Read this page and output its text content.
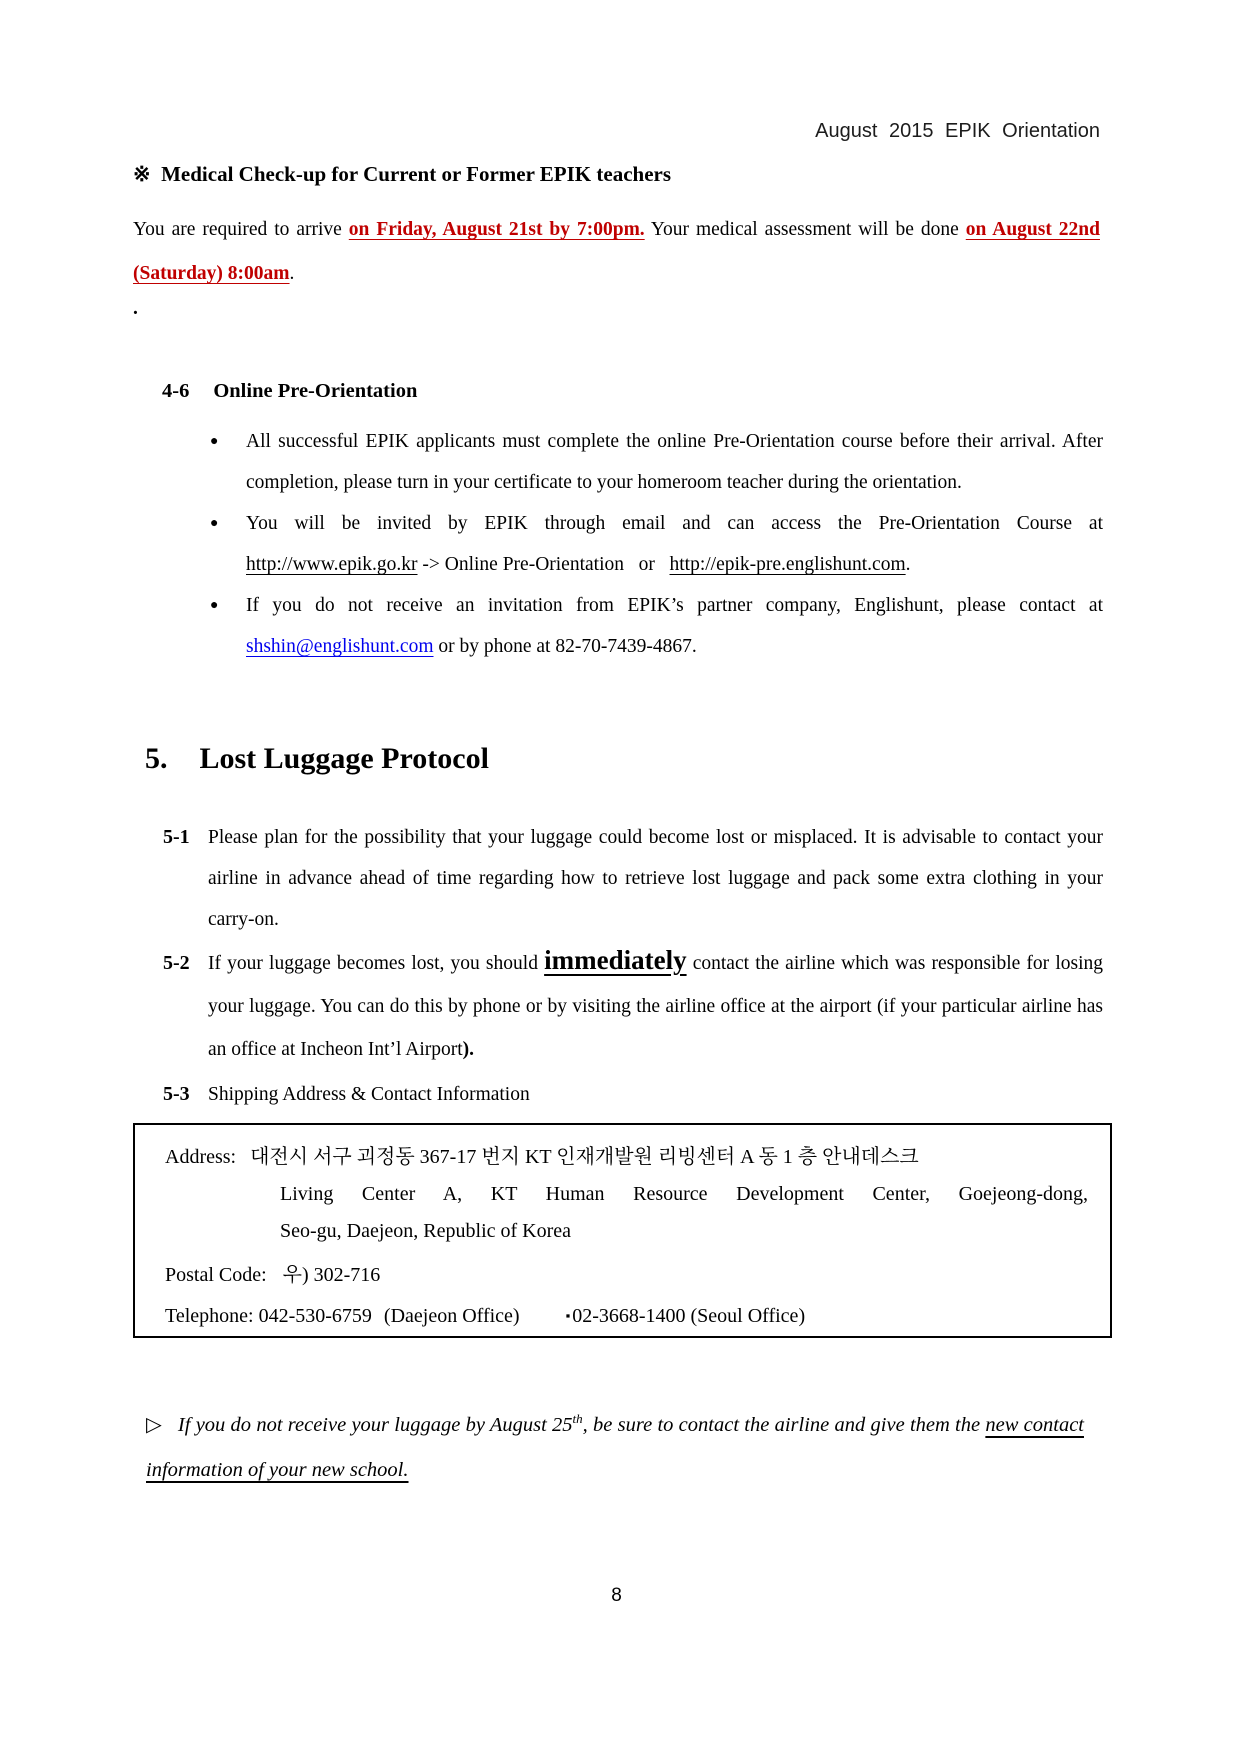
August 2015 EPIK Orientation
※  Medical Check-up for Current or Former EPIK teachers
You are required to arrive on Friday, August 21st by 7:00pm. Your medical assessment will be done on August 22nd (Saturday) 8:00am.
.
4-6 Online Pre-Orientation
●	All successful EPIK applicants must complete the online Pre-Orientation course before their arrival. After completion, please turn in your certificate to your homeroom teacher during the orientation.
●	You will be invited by EPIK through email and can access the Pre-Orientation Course at http://www.epik.go.kr -> Online Pre-Orientation   or   http://epik-pre.englishunt.com.
●	If you do not receive an invitation from EPIK’s partner company, Englishunt, please contact at shshin@englishunt.com or by phone at 82-70-7439-4867.
5. Lost Luggage Protocol
5-1 Please plan for the possibility that your luggage could become lost or misplaced. It is advisable to contact your airline in advance ahead of time regarding how to retrieve lost luggage and pack some extra clothing in your carry-on.
5-2 If your luggage becomes lost, you should immediately contact the airline which was responsible for losing your luggage. You can do this by phone or by visiting the airline office at the airport (if your particular airline has an office at Incheon Int’l Airport).
5-3 Shipping Address & Contact Information
Address: 대전시 서구 괴정동 367-17 번지 KT 인재개발원 리빙센터 A 동 1 층 안내데스크
Living Center A, KT Human Resource Development Center, Goejeong-dong,
Seo-gu, Daejeon, Republic of Korea
Postal Code: 우) 302-716
Telephone: 042-530-6759 (Daejeon Office)	▪ 02-3668-1400 (Seoul Office)
▷ If you do not receive your luggage by August 25th, be sure to contact the airline and give them the new contact information of your new school.
8
